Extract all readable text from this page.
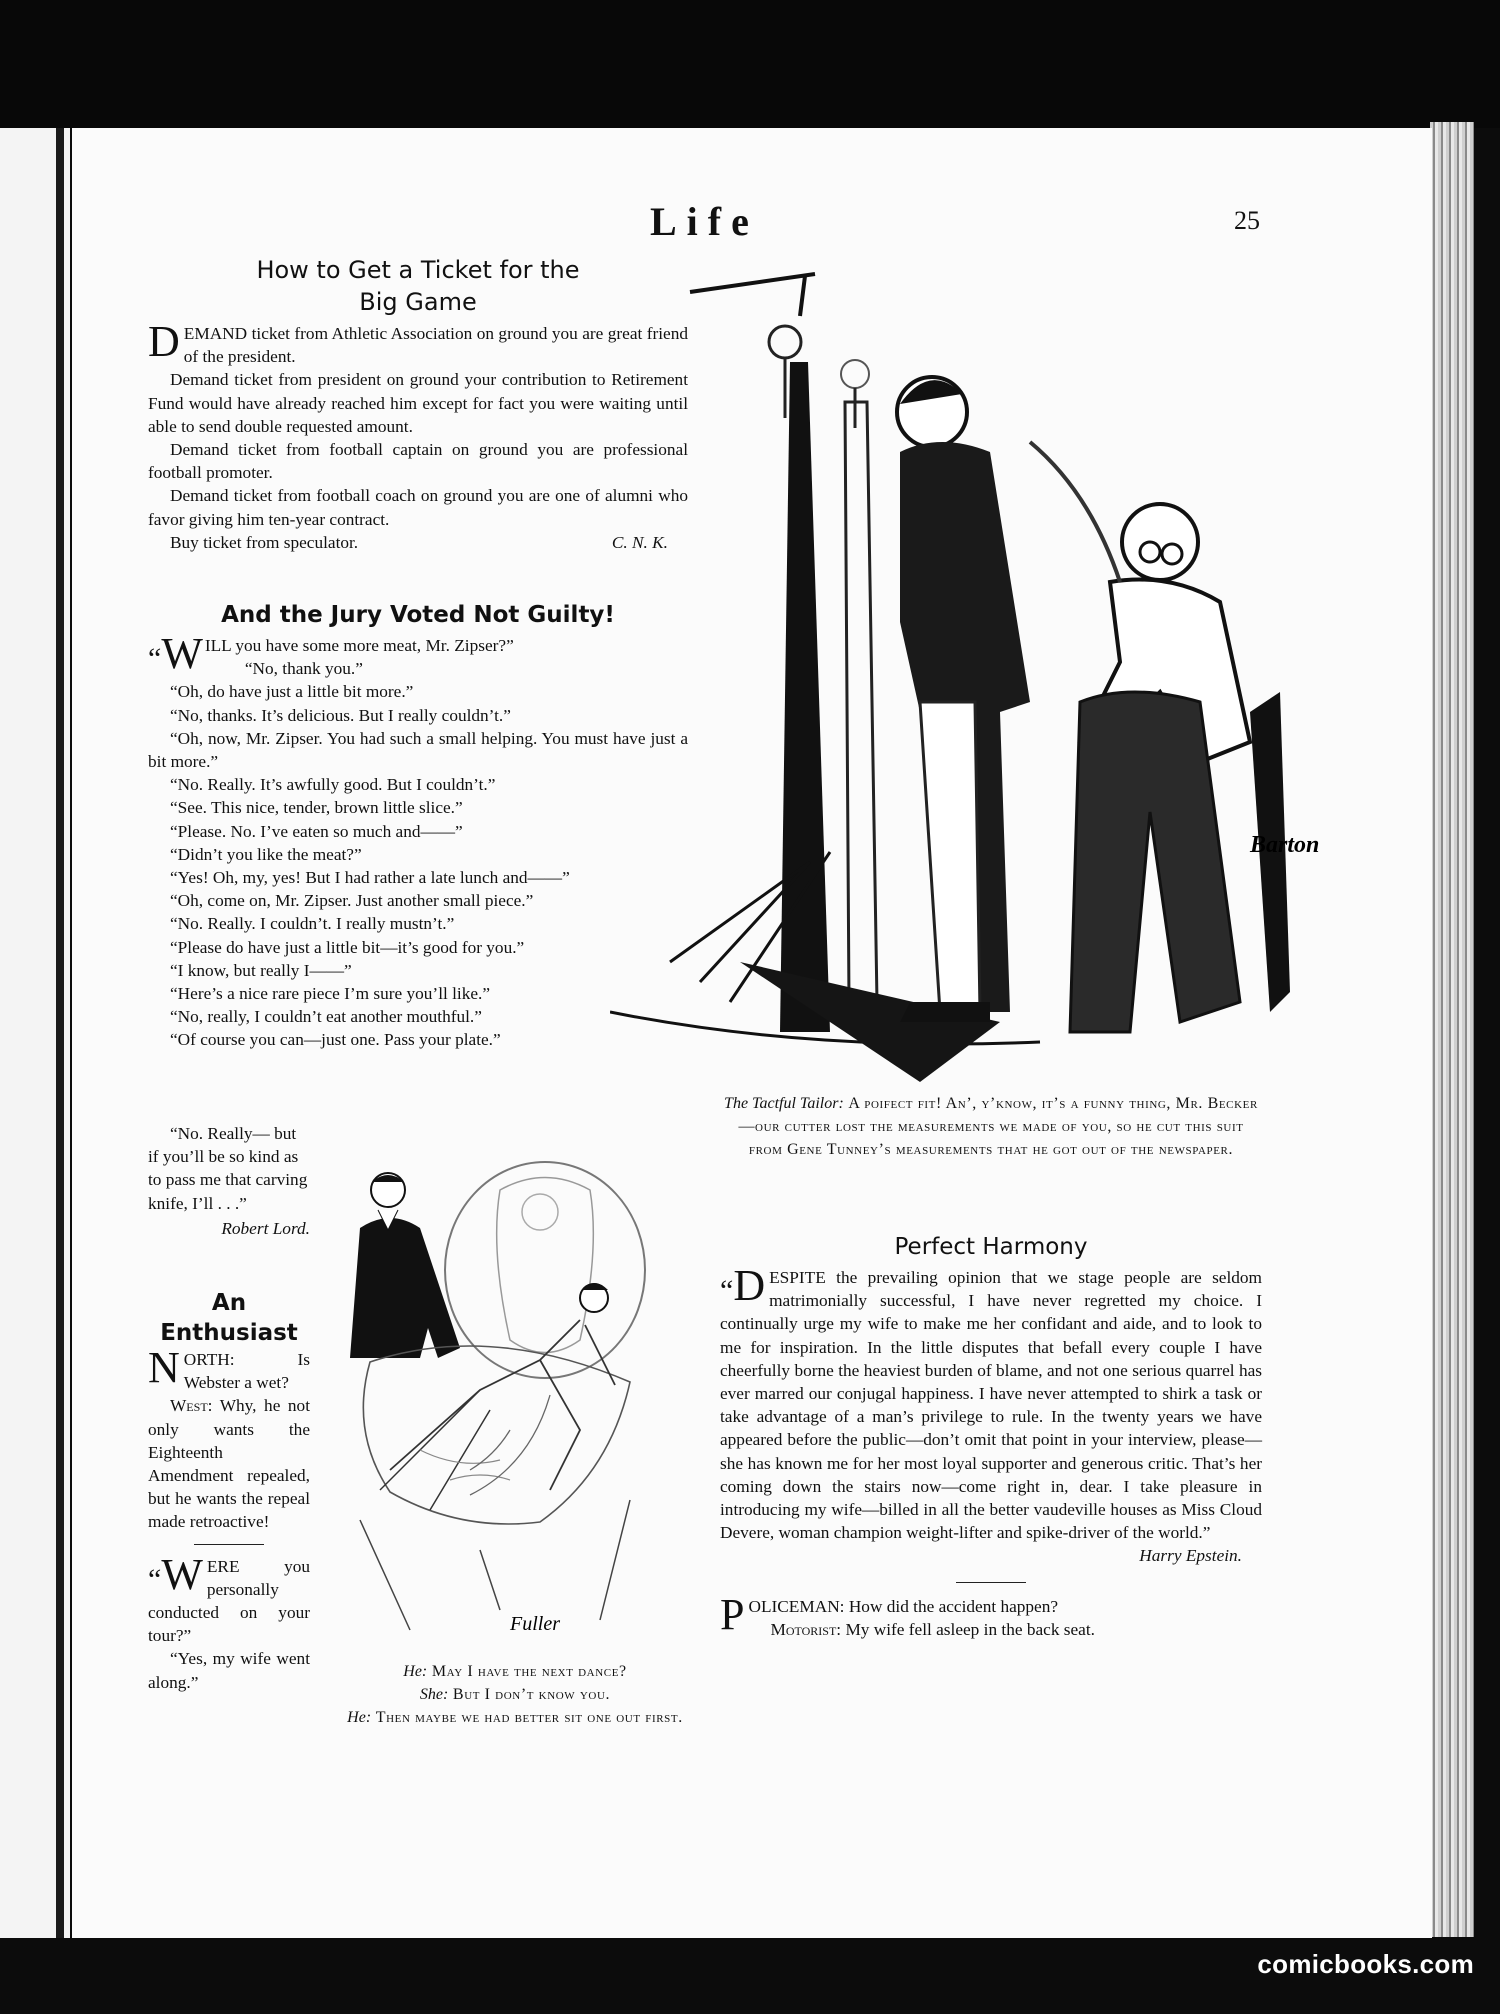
Life	25
How to Get a Ticket for the
Big Game

DEMAND ticket from Athletic Association on ground you are great friend of the president.

Demand ticket from president on ground your contribution to Retirement Fund would have already reached him except for fact you were waiting until able to send double requested amount.

Demand ticket from football captain on ground you are professional football promoter.

Demand ticket from football coach on ground you are one of alumni who favor giving him ten-year contract.

Buy ticket from speculator.	C. N. K.

And the Jury Voted Not Guilty!

“W ILL you have some more meat, Mr. Zipser?”

“No, thank you.”

“Oh, do have just a little bit more.”

“No, thanks. It’s delicious. But I really couldn’t.”

“Oh, now, Mr. Zipser. You had such a small helping. You must have just a bit more.”

“No. Really. It’s awfully good. But I couldn’t.”

“See. This nice, tender, brown little slice.”

“Please. No. I’ve eaten so much and——”

“Didn’t you like the meat?”

“Yes! Oh, my, yes! But I had rather a late lunch and——”

“Oh, come on, Mr. Zipser. Just another small piece.”

“No. Really. I couldn’t. I really mustn’t.”

“Please do have just a little bit—it’s good for you.”

“I know, but really I——”

“Here’s a nice rare piece I’m sure you’ll like.”

“No, really, I couldn’t eat another mouthful.”

“Of course you can—just one. Pass your plate.”

“No. Really— but if you’ll be so kind as to pass me that carving knife, I’ll . . .”

Robert Lord.

An
Enthusiast

NORTH:	Is Webster a wet?

West: Why, he not only wants the Eighteenth Amendment repealed, but he wants the repeal made retroactive!

“W ERE you personally conducted on your tour?”

“Yes, my wife went along.”

Fuller
He: May I have the next dance?
She: But I don’t know you.
He: Then maybe we had better sit one out first.
Barton
The Tactful Tailor: A poifect fit! An’, y’know, it’s a funny thing, Mr. Becker—our cutter lost the measurements we made of you, so he cut this suit from Gene Tunney’s measurements that he got out of the newspaper.
Perfect Harmony

“D ESPITE the prevailing opinion that we stage people are seldom matrimonially successful, I have never regretted my choice. I continually urge my wife to make me her confidant and aide, and to look to me for inspiration. In the little disputes that befall every couple I have cheerfully borne the heaviest burden of blame, and not one serious quarrel has ever marred our conjugal happiness. I have never attempted to shirk a task or take advantage of a man’s privilege to rule. In the twenty years we have appeared before the public—don’t omit that point in your interview, please—she has known me for her most loyal supporter and generous critic. That’s her coming down the stairs now—come right in, dear. I take pleasure in introducing my wife—billed in all the better vaudeville houses as Miss Cloud Devere, woman champion weight-lifter and spike-driver of the world.”

Harry Epstein.

POLICEMAN: How did the accident happen?

Motorist: My wife fell asleep in the back seat.

comicbooks.com
